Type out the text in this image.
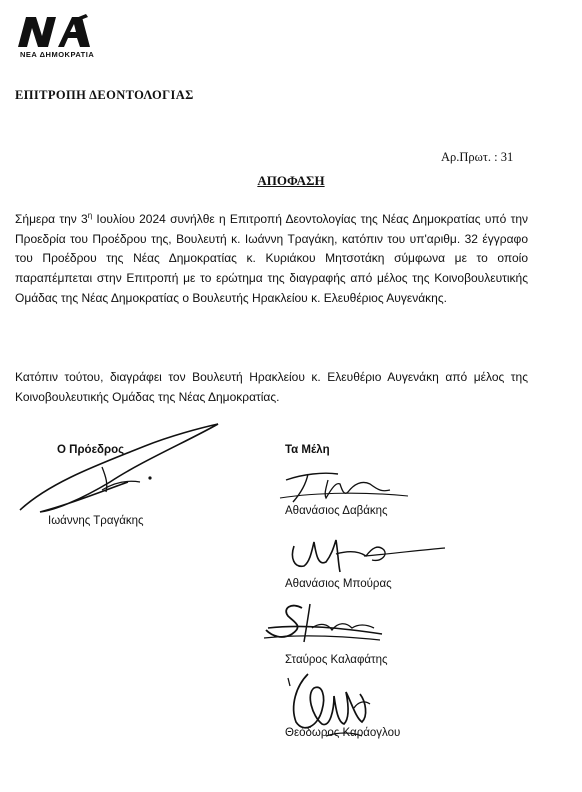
ΝΕΑ ΔΗΜΟΚΡΑΤΙΑ
ΕΠΙΤΡΟΠΗ ΔΕΟΝΤΟΛΟΓΙΑΣ
Αρ.Πρωτ. : 31
ΑΠΟΦΑΣΗ
Σήμερα την $3^\eta$ Ιουλίου 2024 συνήλθε η Επιτροπή Δεοντολογίας της Νέας Δημοκρατίας υπό την Προεδρία του Προέδρου της, Βουλευτή κ. Ιωάννη Τραγάκη, κατόπιν του υπ'αριθμ. 32 έγγραφο του Προέδρου της Νέας Δημοκρατίας κ. Κυριάκου Μητσοτάκη σύμφωνα με το οποίο παραπέμπεται στην Επιτροπή με το ερώτημα της διαγραφής από μέλος της Κοινοβουλευτικής Ομάδας της Νέας Δημοκρατίας ο Βουλευτής Ηρακλείου κ. Ελευθέριος Αυγενάκης.
Κατόπιν τούτου, διαγράφει τον Βουλευτή Ηρακλείου κ. Ελευθέριο Αυγενάκη από μέλος της Κοινοβουλευτικής Ομάδας της Νέας Δημοκρατίας.
Ο Πρόεδρος
Ιωάννης Τραγάκης
Τα Μέλη
Αθανάσιος Δαβάκης
Αθανάσιος Μπούρας
Σταύρος Καλαφάτης
Θεόδωρος Καράογλου
